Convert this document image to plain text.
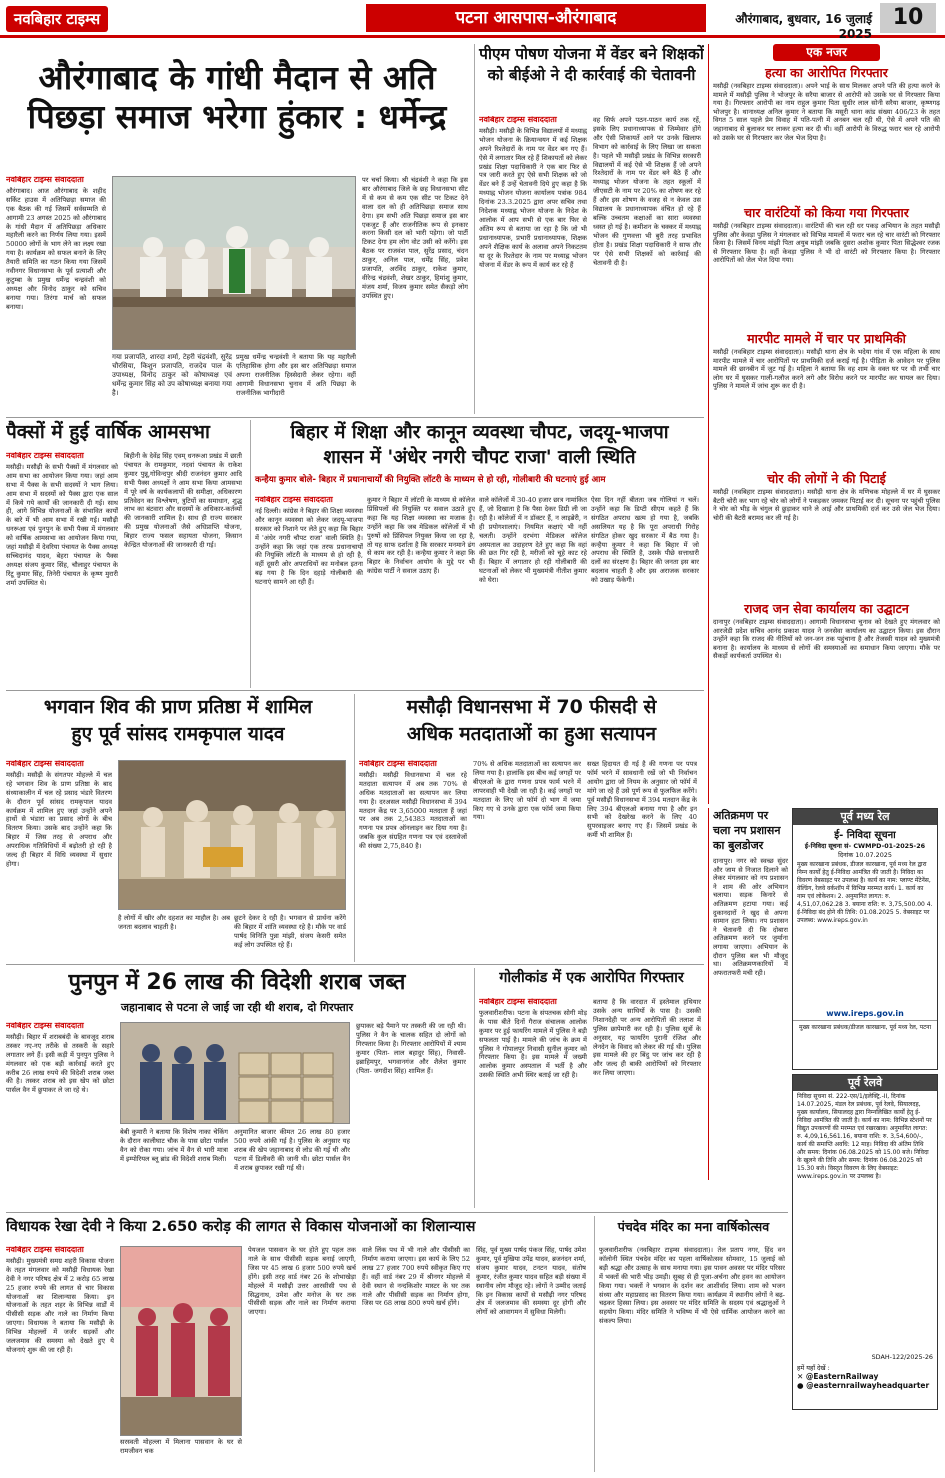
नवबिहार टाइम्स	पटना आसपास-औरंगाबाद	औरंगाबाद, बुधवार, 16 जुलाई 2025
10
औरंगाबाद के गांधी मैदान से अति
पिछड़ा समाज भरेगा हुंकार : धर्मेन्द्र
नवबिहार टाइम्स संवाददाता
औरंगाबाद। आज औरंगाबाद के शहीद सर्किट हाउस में अतिपिछड़ा समाज की एक बैठक की गई जिसमें सर्वसम्मति से आगामी 23 अगस्त 2025 को औरंगाबाद के गांधी मैदान में अतिपिछड़ा अधिकार महारैली करने का निर्णय लिया गया। इसमें 50000 लोगों के भाग लेने का लक्ष्य रखा गया है। कार्यक्रम को सफल बनाने के लिए तैयारी समिति का गठन किया गया जिसमें नवीनगर विधानसभा के पूर्व प्रत्याशी और कुटुम्बा के प्रमुख धर्मेन्द्र चन्द्रवंशी को अध्यक्ष और विनोद ठाकुर को सचिव बनाया गया। तिरंगा मार्च को सफल बनाया।
गया प्रजापति, शारदा शर्मा, टेहरी चंद्रवंशी, सुरेंद्र चौरसिया, किशुन प्रजापति, राजदेव पाल के उपाध्यक्ष, विनोद ठाकुर को कोषाध्यक्ष एवं धर्मेन्द्र कुमार सिंह को उप कोषाध्यक्ष बनाया गया है।
प्रमुख धर्मेन्द्र चन्द्रवंशी ने बताया कि यह महारैली एतिहासिक होगा और इस बार अतिपिछड़ा समाज अपना राजनीतिक हिस्सेदारी लेकर रहेगा। वहीं आगामी विधानसभा चुनाव में अति पिछड़ा के राजनीतिक भागीदारी
पर चर्चा किया। श्री चंद्रवंशी ने कहा कि इस बार औरंगाबाद जिले के छह विधानसभा सीट में से कम से कम एक सीट पर टिकट देने वाला दल को ही अतिपिछड़ा समाज साथ देगा। हम सभी अति पिछड़ा समाज इस बार एकजुट हैं और राजनीतिक रूप से इनकार करना किसी दल को भारी पड़ेगा। जो पार्टी टिकट देगा हम लोग वोट उसी को करेंगे। इस बैठक पर राजवंश पाल, सुरेंद्र प्रसाद, चंदन ठाकुर, अनिल पाल, धर्मेंद्र सिंह, प्रवेश प्रजापति, अरविंद ठाकुर, राकेश कुमार, वीरेन्द्र चंद्रवंशी, शेखर ठाकुर, हिमांशु कुमार, मंजय शर्मा, विजय कुमार समेत सैकड़ो लोग उपस्थित हुए।
पीएम पोषण योजना में वेंडर बने शिक्षकों को बीईओ ने दी कार्रवाई की चेतावनी
नवबिहार टाइम्स संवाददाता
मसौढ़ी। मसौढ़ी के विभिन्न विद्यालयों में मध्याह्न भोजन योजना के क्रियान्वयन में कई शिक्षक अपने रिश्तेदारों के नाम पर वेंडर बन गए हैं। ऐसे में लगातार मिल रहे हैं शिकायतों को लेकर प्रखंड शिक्षा पदाधिकारी ने एक बार फिर से पत्र जारी करते हुए ऐसे सभी शिक्षक को जो वेंडर बने हैं उन्हें चेतावनी दिये हुए कहा है कि मध्याह्न भोजन योजना कार्यालय पत्रांक 984 दिनांक 23.3.2025 द्वारा अपर सचिव तथा निदेशक मध्याह्न भोजन योजना के निदेश के आलोक में आप सभी से एक बार फिर से अंतिम रूप से बताया जा रहा है कि जो भी प्रधानाध्यापक, प्रभारी प्रधानाध्यापक, शिक्षक अपने शैक्षिक कार्य के अलावा अपने निकटतम या दूर के रिश्तेदार के नाम पर मध्याह्न भोजन योजना में वेंडर के रूप में कार्य कर रहे हैं
वह सिर्फ अपने पठन-पाठन कार्य तक रहें, इसके लिए प्रधानाध्यापक से जिम्मेवार होंगे और ऐसी शिकायतें आने पर उनके खिलाफ विभाग को कार्रवाई के लिए लिखा जा सकता है। पहले भी मसौढ़ी प्रखंड के विभिन्न सरकारी विद्यालयों में कई ऐसे भी शिक्षक हैं जो अपने रिश्तेदारों के नाम पर वेंडर बने बैठे हैं और मध्याह्न भोजन योजना के तहत स्कूलों में जीएसटी के नाम पर 20% का शोषण कर रहे हैं और इस शोषण के वजह से न केवल उस विद्यालय के प्रधानाध्यापक वंचित हो रहे हैं बल्कि उच्चतम कक्षाओं का सारा व्यवस्था ध्वस्त हो गई है। कमीशन के चक्कर में मध्याह्न भोजन की गुणवत्ता भी बुरी तरह प्रभावित होता है। प्रखंड शिक्षा पदाधिकारी ने साफ तौर पर ऐसे सभी शिक्षकों को कार्रवाई की चेतावनी दी है।
एक नजर
हत्या का आरोपित गिरफ्तार
मसौढ़ी (नवबिहार टाइम्स संवाददाता)। अपने भाई के साथ मिलकर अपने पति की हत्या करने के मामले में मसौढ़ी पुलिस ने भोजपुर के सरैया बाजार से आरोपी को उसके घर से गिरफ्तार किया गया है। गिरफ्तार आरोपी का नाम राहुल कुमार पिता सुधीर लाल सोनी सरैया बाजार, कृष्णगढ़ भोजपुर है। थानाध्यक्ष अनिल कुमार ने बताया कि मसूरी थाना कांड संख्या 406/23 के तहत विगत 5 साल पहले प्रेम विवाह में पति-पत्नी में अनबन चल रही थी, ऐसे में अपने पति की जहानाबाद से बुलाकर घर लाकर हत्या कर दी थी। वहीं आरोपी के विरुद्ध फरार चल रहे आरोपी को उसके घर से गिरफ्तार कर जेल भेज दिया है।
चार वारंटियों को किया गया गिरफ्तार
मसौढ़ी (नवबिहार टाइम्स संवाददाता)। वारंटियों की चल रही धर पकड़ अभियान के तहत मसौढ़ी पुलिस और केवड़ा पुलिस ने मंगलवार को विभिन्न मामलों में फरार चल रहे चार वारंटी को गिरफ्तार किया है। जिसमें विनय मांझी पिता अयुब मांझी जबकि दूसरा अशोक कुमार पिता सिद्धेश्वर रजक से गिरफ्तार किया है। वहीं केवड़ा पुलिस ने भी दो वारंटी को गिरफ्तार किया है। गिरफ्तार आरोपितों को जेल भेज दिया गया।
मारपीट मामले में चार पर प्राथमिकी
मसौढ़ी (नवबिहार टाइम्स संवाददाता)। मसौढ़ी थाना क्षेत्र के भदेया गांव में एक महिला के साथ मारपीट मामले में चार आरोपितों पर प्राथमिकी दर्ज कराई गई है। पीड़िता के आवेदन पर पुलिस मामले की छानबीन में जुट गई है। महिला ने बताया कि वह शाम के वक्त घर पर थी तभी चार लोग घर में घुसकर गाली-गलौज करने लगे और विरोध करने पर मारपीट कर घायल कर दिया। पुलिस ने मामले में जांच शुरू कर दी है।
चोर की लोगों ने की पिटाई
मसौढ़ी (नवबिहार टाइम्स संवाददाता)। मसौढ़ी थाना क्षेत्र के मणिचक मोहल्ले में घर में घुसकर बैटरी चोरी कर भाग रहे चोर को लोगों ने पकड़कर जमकर पिटाई कर दी। सूचना पर पहुंची पुलिस ने चोर को भीड़ के चंगुल से छुड़ाकर थाने ले आई और प्राथमिकी दर्ज कर उसे जेल भेज दिया। चोरी की बैटरी बरामद कर ली गई है।
राजद जन सेवा कार्यालय का उद्घाटन
दानापुर (नवबिहार टाइम्स संवाददाता)। आगामी विधानसभा चुनाव को देखते हुए मंगलवार को आरजेडी प्रदेश सचिव आनंद प्रकाश यादव ने जनसेवा कार्यालय का उद्घाटन किया। इस दौरान उन्होंने कहा कि राजद की नीतियों को जन-जन तक पहुंचाना है और तेजस्वी यादव को मुख्यमंत्री बनाना है। कार्यालय के माध्यम से लोगों की समस्याओं का समाधान किया जाएगा। मौके पर सैकड़ों कार्यकर्ता उपस्थित थे।
पैक्सों में हुई वार्षिक आमसभा
नवबिहार टाइम्स संवाददाता
मसौढ़ी। मसौढ़ी के सभी पैक्सों में मंगलवार को आम सभा का आयोजन किया गया। जहां आम सभा में पैक्स के सभी सदस्यों ने भाग लिया। आम सभा में सदस्यों को पैक्स द्वारा एक साल में किये गये कार्यों की जानकारी दी गई। साथ ही, आगे विभिन्न योजनाओं के संभावित कार्यों के बारे में भी आम सभा में रखी गई। मसौढ़ी धनरूआ एवं पुनपुन के सभी पैक्स में मंगलवार को वार्षिक आमसभा का आयोजन किया गया, जहां मसौढ़ी में देवरिया पंचायत के पैक्स अध्यक्ष सच्चिदानंद यादव, बेहरा पंचायत के पैक्स अध्यक्ष संजय कुमार सिंह, चौलाहुर पंचायत के रिंटू कुमार सिंह, तिनेरी पंचायत के कृष्ण मुरारी शर्मा उपस्थित थे।
बिहीनी के देवेंद्र सिंह एवम् धनरूआ प्रखंड में छाती पंचायत के रामकुमार, नदवां पंचायत के राकेश कुमार पुन्नू,गोविन्दपुर श्रीदी राजनंदन कुमार आदि सभी पैक्स अध्यक्षों ने आम सभा किया आमसभा में पूरे वर्ष के कार्यकलापों की समीक्षा, अधिकारण प्रतिवेदन का विश्लेषण, त्रुटियों का समाधान, शुद्ध लाभ का बंटवारा और सदस्यों के अधिकार-कर्तव्यों की जानकारी शामिल है। साथ ही राज्य सरकार की प्रमुख योजनाओं जैसे अधिप्राप्ति योजना, बिहार राज्य फसल सहायता योजना, किसान केन्द्रित योजनाओं की जानकारी दी गई।
बिहार में शिक्षा और कानून व्यवस्था चौपट, जदयू-भाजपा
शासन में 'अंधेर नगरी चौपट राजा' वाली स्थिति
कन्हैया कुमार बोले- बिहार में प्रधानाचार्यों की नियुक्ति लॉटरी के माध्यम से हो रही, गोलीबारी की घटनाएं हुई आम
नवबिहार टाइम्स संवाददाता
नई दिल्ली। कांग्रेस ने बिहार की शिक्षा व्यवस्था और कानून व्यवस्था को लेकर जदयू-भाजपा सरकार को निशाने पर लेते हुए कहा कि बिहार में 'अंधेर नगरी चौपट राजा' वाली स्थिति है। उन्होंने कहा कि जहां एक तरफ प्रधानाचार्यों की नियुक्ति लॉटरी के माध्यम से हो रही है, वहीं दूसरी ओर अपराधियों का मनोबल इतना बढ़ गया है कि दिन दहाड़े गोलीबारी की घटनाएं सामने आ रही हैं।
कुमार ने बिहार में लॉटरी के माध्यम से कॉलेज प्रिंसिपलों की नियुक्ति पर सवाल उठाते हुए कहा कि यह शिक्षा व्यवस्था का मजाक है। उन्होंने कहा कि जब मेडिकल कॉलेजों में भी पुरुषों को प्रिंसिपल नियुक्त किया जा रहा है, तो यह साफ दर्शाता है कि सरकार मनमाने ढंग से काम कर रही है। कन्हैया कुमार ने कहा कि बिहार के निर्वाचन आयोग के मुद्दे पर भी कांग्रेस पार्टी ने सवाल उठाए हैं।
वाले कॉलेजों में 30-40 हजार छात्र नामांकित हैं, जो दिखाता है कि पैसा देकर डिग्री ली जा रही है। कॉलेजों में न डॉक्टर हैं, न लाइब्रेरी, न ही प्रयोगशालाएं। नियमित कक्षाएं भी नहीं चलती। उन्होंने दरभंगा मेडिकल कॉलेज अस्पताल का उदाहरण देते हुए कहा कि वहां की छत गिर रही है, मरीजों को चूहे काट रहे हैं। बिहार में लगातार हो रही गोलीबारी की घटनाओं को लेकर भी मुख्यमंत्री नीतीश कुमार को घेरा।
ऐसा दिन नहीं बीतता जब गोलियां न चलें। उन्होंने कहा कि डिप्टी सीएम कहते हैं कि संगठित अपराध खत्म हो गया है, जबकि असलियत यह है कि पूरा अपराधी गिरोह संगठित होकर खुद सरकार में बैठ गया है। कन्हैया कुमार ने कहा कि बिहार में जो अपराध की स्थिति है, उसके पीछे सत्ताधारी दलों का संरक्षण है। बिहार की जनता इस बार बदलाव चाहती है और इस अराजक सरकार को उखाड़ फेंकेगी।
भगवान शिव की प्राण प्रतिष्ठा में शामिल
हुए पूर्व सांसद रामकृपाल यादव
नवबिहार टाइम्स संवाददाता
मसौढ़ी। मसौढ़ी के संगतपर मोहल्ले में चल रहे भगवान शिव के प्राण प्रतिष्ठा के बाद संध्याकालीन में चल रहे प्रसाद भंडारे वितरण के दौरान पूर्व सांसद रामकृपाल यादव कार्यक्रम में शामिल हुए जहां उन्होंने अपने हाथों से भंडारा का प्रसाद लोगों के बीच वितरण किया। उसके बाद उन्होंने कहा कि बिहार में जिस तरह से अपराध और अपराधिक गतिविधियों में बढ़ोतरी हो रही है जल्द ही बिहार में विधि व्यवस्था में सुधार होगा।
है लोगों में खीर और दहशत का माहौल है। अब जनता बदलाव चाहती है।
छूटने देकर दे रही है। भगवान से प्रार्थना करेंगे की बिहार में शांति व्यवस्था रहे है। मौके पर वार्ड पार्षद विनिति पुन्ना मांझी, संजय केसरी समेत कई लोग उपस्थित रहे हैं।
मसौढ़ी विधानसभा में 70 फीसदी से
अधिक मतदाताओं का हुआ सत्यापन
नवबिहार टाइम्स संवाददाता
मसौढ़ी। मसौढ़ी विधानसभा में चल रहे मतदाता सत्यापन में अब तक 70% से अधिक मतदाताओं का सत्यापन कर लिया गया है। दरअसल मसौढ़ी विधानसभा में 394 मतदान केंद्र पर 3,65000 मतदाता हैं जहां पर अब तक 2,54383 मतदाताओं का गणना पत्र प्रपत्र ऑनलाइन कर दिया गया है। जबकि कुल संग्रहित गणना पत्र एवं दस्तावेजों की संख्या 2,75,840 है।
70% से अधिक मतदाताओं का सत्यापन कर लिया गया है। हालांकि इस बीच कई जगहों पर बीएलओ के द्वारा गणना प्रपत्र फार्म भरने में लापरवाही भी देखी जा रही है। कई जगहों पर मतदाता के लिए जो फॉर्म दो भाग में जमा किए गए थे उनके द्वारा एक फॉर्म जमा किया गया।
सख्त हिदायत दी गई है की गणना पर पपत्र फॉर्म भरने में सावधानी रखें जो भी निर्वाचन आयोग द्वारा जो नियम के अनुसार जो फॉर्म में मांगे जा रहे हैं उसे पूर्ण रूप से फुलफिल करेंगे। पूर्व मसौढ़ी विधानसभा में 394 मतदान केंद्र के लिए 394 बीएलओ बनाया गया है और इन सभी को देखरेख करने के लिए 40 सुपरवाइजर बनाए गए हैं। जिसमें प्रखंड के कर्मी भी शामिल हैं।
अतिक्रमण पर चला नप प्रशासन का बुलडोजर
दानापुर। नगर को स्वच्छ सुंदर और जाम से निजात दिलाने को लेकर मंगलवार को नप प्रशासन ने शाम की ओर अभियान चलाया। सड़क किनारे से अतिक्रमण हटाया गया। कई दुकानदारों ने खुद से अपना सामान हटा लिया। नप प्रशासन ने चेतावनी दी कि दोबारा अतिक्रमण करने पर जुर्माना लगाया जाएगा। अभियान के दौरान पुलिस बल भी मौजूद था। अतिक्रमणकारियों में अफरातफरी मची रही।
पूर्व मध्य रेल
ई- निविदा सूचना
ई-निविदा सूचना सं- CWMPD-01-2025-26
दिनांक 10.07.2025
मुख्य कारखाना प्रबंधक, डीजल कारखाना, पूर्व मध्य रेल द्वारा निम्न कार्यों हेतु ई-निविदा आमंत्रित की जाती है। निविदा का विवरण वेबसाइट पर उपलब्ध है। कार्य का नाम: प्लाण्ट मेंटेनेंस, वेल्डिंग, रेलवे वर्कशॉप में विभिन्न मरम्मत कार्य। 1. कार्य का नाम एवं लोकेशन। 2. अनुमानित लागत: रु. 4,51,07,062.28 3. बयाना राशि: रु. 3,75,500.00 4. ई-निविदा बंद होने की तिथि: 01.08.2025 5. वेबसाइट पर उपलब्ध: www.ireps.gov.in
www.ireps.gov.in
मुख्य कारखाना प्रबंधक/डीजल कारखाना, पूर्व मध्य रेल, पटना
पूर्व रेलवे
निविदा सूचना सं. 222-एस/1/इलेक्ट्रि.-II, दिनांक 14.07.2025, मंडल रेल प्रबंधक, पूर्व रेलवे, सियालदह, मुख्य कार्यालय, सियालदह द्वारा निम्नलिखित कार्यों हेतु ई-निविदा आमंत्रित की जाती है। कार्य का नाम: विभिन्न स्टेशनों पर विद्युत उपकरणों की मरम्मत एवं रखरखाव। अनुमानित लागत: रु. 4,09,16,561.16, बयाना राशि: रु. 3,54,600/-, कार्य की समाप्ति अवधि: 12 माह। निविदा की अंतिम तिथि और समय: दिनांक 06.08.2025 को 15.00 बजे। निविदा के खुलने की तिथि और समय: दिनांक 06.08.2025 को 15.30 बजे। विस्तृत विवरण के लिए वेबसाइट: www.ireps.gov.in पर उपलब्ध है।
SDAH-122/2025-26
हमें यहाँ देखें :
✕ @EasternRailway
● @easternrailwayheadquarter
पुनपुन में 26 लाख की विदेशी शराब जब्त
जहानाबाद से पटना ले जाई जा रही थी शराब, दो गिरफ्तार
नवबिहार टाइम्स संवाददाता
मसौढ़ी। बिहार में शराबबंदी के बावजूद शराब तस्कर नए-नए तरीके से तस्करी के सहारे लगातार लगे हैं। इसी कड़ी में पुनपुन पुलिस ने मंगलवार को एक बड़ी कार्रवाई करते हुए करीब 26 लाख रुपये की विदेशी शराब जब्त की है। तस्कर शराब को इस खेप को छोटा पार्सल वैन में छुपाकर ले जा रहे थे।
बेबी कुमारी ने बताया कि विशेष नाका चेकिंग के दौरान कालीघाट चौक के पास छोटा पार्सल वैन को रोका गया। जांच में वैन से भारी मात्रा में इम्पोरियल ब्लू ब्रांड की विदेशी शराब मिली।
अनुमानित बाजार कीमत 26 लाख 80 हजार 500 रुपये आंकी गई है। पुलिस के अनुसार यह शराब की खेप जहानाबाद से लोड की गई थी और पटना में डिलीवरी की जानी थी। छोटा पार्सल वैन में शराब छुपाकर रखी गई थी।
छुपाकर बड़े पैमाने पर तस्करी की जा रही थी। पुलिस ने वैन के चालक सहित दो लोगों को गिरफ्तार किया है। गिरफ्तार आरोपियों में श्याम कुमार (पिता- लाल बहादुर सिंह), निवासी- इब्राहिमपुर, भगवानगंज और शैलेश कुमार (पिता- जगदीश सिंह) शामिल हैं।
गोलीकांड में एक आरोपित गिरफ्तार
नवबिहार टाइम्स संवाददाता
फुलवारीशरीफ। पटना के संपतचक सोगी मोड़ के पास बीते दिनों गैराज संचालक आलोक कुमार पर हुई फायरिंग मामले में पुलिस ने बड़ी सफलता पाई है। मामले की जांच के क्रम में पुलिस ने गोपालपुर निवासी सुनील कुमार को गिरफ्तार किया है। इस मामले में जख्मी आलोक कुमार अस्पताल में भर्ती है और उसकी स्थिति अभी स्थिर बताई जा रही है।
बताया है कि वारदात में इस्तेमाल हथियार उसके अन्य साथियों के पास है। उसकी निशानदेही पर अन्य आरोपितों की तलाश में पुलिस छापेमारी कर रही है। पुलिस सूत्रों के अनुसार, यह फायरिंग पुरानी रंजिश और लेनदेन के विवाद को लेकर की गई थी। पुलिस इस मामले की हर बिंदु पर जांच कर रही है और जल्द ही बाकी आरोपियों को गिरफ्तार कर लिया जाएगा।
विधायक रेखा देवी ने किया 2.650 करोड़ की लागत से विकास योजनाओं का शिलान्यास
नवबिहार टाइम्स संवाददाता
मसौढ़ी। मुख्यमंत्री समग्र शहरी विकास योजना के तहत मंगलवार को मसौढ़ी विधायक रेखा देवी ने नगर परिषद क्षेत्र में 2 करोड़ 65 लाख 25 हजार रुपये की लागत से चार विकास योजनाओं का शिलान्यास किया। इन योजनाओं के तहत शहर के विभिन्न वार्डों में पीसीसी सड़क और नाले का निर्माण किया जाएगा। विधायक ने बताया कि मसौढ़ी के विभिन्न मोहल्लों में जर्जर सड़कों और जलजमाव की समस्या को देखते हुए ये योजनाएं शुरू की जा रही हैं।
सरस्वती मोहल्ला में मिलाना पासवान के घर से रामजीवन चक
पेयजल पासवान के घर होते हुए पहल तक नाले के साथ पीसीसी सड़क बनाई जाएगी, जिस पर 45 लाख 6 हजार 500 रुपये खर्च होंगे। इसी तरह वार्ड नंबर 26 के शोभाखेड़ा मोहल्ले में मसौढ़ी उत्तर आरसीसी पथ से सिद्धनाथ, उमेश और मनोज के घर तक पीसीसी सड़क और नाले का निर्माण कराया जाएगा।
वाले लिंक पथ में भी नाले और पीसीसी का निर्माण कराया जाएगा। इस कार्य के लिए 52 लाख 27 हजार 700 रुपये स्वीकृत किए गए हैं। वहीं वार्ड नंबर 29 में श्रीनगर मोहल्ले में देवी स्थान से नन्दकिशोर मास्टर के घर तक नाले और पीसीसी सड़क का निर्माण होगा, जिस पर 68 लाख 800 रुपये खर्च होंगे।
सिंह, पूर्व मुख्य पार्षद पंकज सिंह, पार्षद उमेश कुमार, पूर्व मुखिया उपेंद्र यादव, ब्रजनंदन शर्मा, संजय कुमार यादव, टनटन यादव, संतोष कुमार, रंजीत कुमार यादव सहित बड़ी संख्या में स्थानीय लोग मौजूद रहे। लोगों ने उम्मीद जताई कि इन विकास कार्यों से मसौढ़ी नगर परिषद क्षेत्र में जलजमाव की समस्या दूर होगी और लोगों को आवागमन में सुविधा मिलेगी।
पंचदेव मंदिर का मना वार्षिकोत्सव
फुलवारीशरीफ (नवबिहार टाइम्स संवाददाता)। तेल प्रताप नगर, हिंद वन कॉलोनी स्थित पंचदेव मंदिर का पहला वार्षिकोत्सव सोमवार, 15 जुलाई को बड़ी श्रद्धा और उत्साह के साथ मनाया गया। इस पावन अवसर पर मंदिर परिसर में भक्तों की भारी भीड़ उमड़ी। सुबह से ही पूजा-अर्चना और हवन का आयोजन किया गया। भक्तों ने भगवान के दर्शन कर आशीर्वाद लिया। शाम को भजन संध्या और महाप्रसाद का वितरण किया गया। कार्यक्रम में स्थानीय लोगों ने बढ़-चढ़कर हिस्सा लिया। इस अवसर पर मंदिर समिति के सदस्य एवं श्रद्धालुओं ने सहयोग किया। मंदिर समिति ने भविष्य में भी ऐसे धार्मिक आयोजन करने का संकल्प लिया।
